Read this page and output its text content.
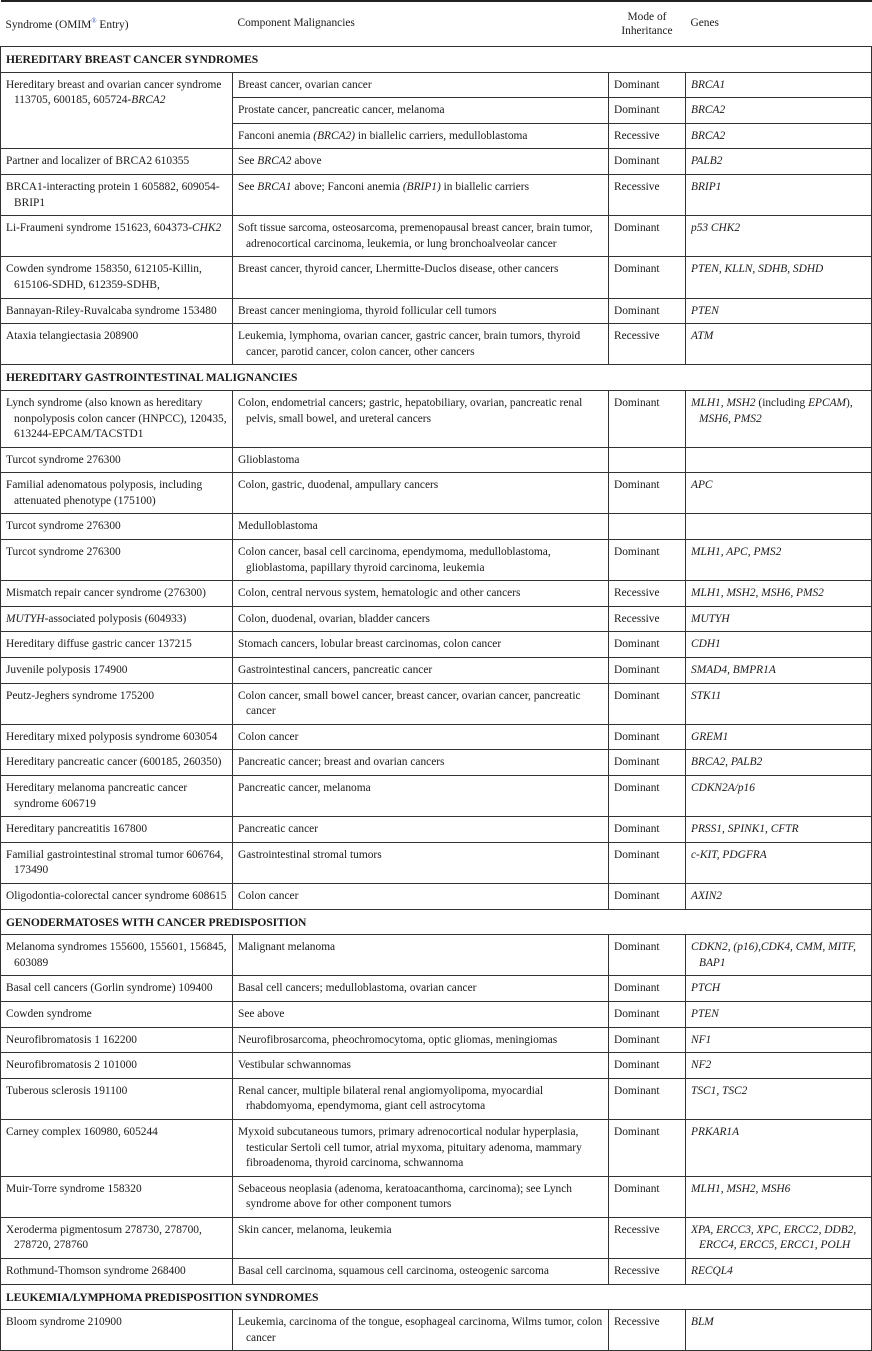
Syndrome (OMIM® Entry)	Component Malignancies	Mode of
Inheritance	Genes
HEREDITARY BREAST CANCER SYNDROMES			
Hereditary breast and ovarian cancer syndrome 113705, 600185, 605724-BRCA2	Breast cancer, ovarian cancer	Dominant	BRCA1
	Prostate cancer, pancreatic cancer, melanoma	Dominant	BRCA2
	Fanconi anemia (BRCA2) in biallelic carriers, medulloblastoma	Recessive	BRCA2
Partner and localizer of BRCA2 610355	See BRCA2 above	Dominant	PALB2
BRCA1-interacting protein 1 605882, 609054-BRIP1	See BRCA1 above; Fanconi anemia (BRIP1) in biallelic carriers	Recessive	BRIP1
Li-Fraumeni syndrome 151623, 604373-CHK2	Soft tissue sarcoma, osteosarcoma, premenopausal breast cancer, brain tumor, adrenocortical carcinoma, leukemia, or lung bronchoalveolar cancer	Dominant	p53 CHK2
Cowden syndrome 158350, 612105-Killin, 615106-SDHD, 612359-SDHB,	Breast cancer, thyroid cancer, Lhermitte-Duclos disease, other cancers	Dominant	PTEN, KLLN, SDHB, SDHD
Bannayan-Riley-Ruvalcaba syndrome 153480	Breast cancer meningioma, thyroid follicular cell tumors	Dominant	PTEN
Ataxia telangiectasia 208900	Leukemia, lymphoma, ovarian cancer, gastric cancer, brain tumors, thyroid cancer, parotid cancer, colon cancer, other cancers	Recessive	ATM
HEREDITARY GASTROINTESTINAL MALIGNANCIES			
Lynch syndrome (also known as hereditary nonpolyposis colon cancer (HNPCC), 120435, 613244-EPCAM/TACSTD1	Colon, endometrial cancers; gastric, hepatobiliary, ovarian, pancreatic renal pelvis, small bowel, and ureteral cancers	Dominant	MLH1, MSH2 (including EPCAM), MSH6, PMS2
Turcot syndrome 276300	Glioblastoma		
Familial adenomatous polyposis, including attenuated phenotype (175100)	Colon, gastric, duodenal, ampullary cancers	Dominant	APC
Turcot syndrome 276300	Medulloblastoma		
Turcot syndrome 276300	Colon cancer, basal cell carcinoma, ependymoma, medulloblastoma, glioblastoma, papillary thyroid carcinoma, leukemia	Dominant	MLH1, APC, PMS2
Mismatch repair cancer syndrome (276300)	Colon, central nervous system, hematologic and other cancers	Recessive	MLH1, MSH2, MSH6, PMS2
MUTYH-associated polyposis (604933)	Colon, duodenal, ovarian, bladder cancers	Recessive	MUTYH
Hereditary diffuse gastric cancer 137215	Stomach cancers, lobular breast carcinomas, colon cancer	Dominant	CDH1
Juvenile polyposis 174900	Gastrointestinal cancers, pancreatic cancer	Dominant	SMAD4, BMPR1A
Peutz-Jeghers syndrome 175200	Colon cancer, small bowel cancer, breast cancer, ovarian cancer, pancreatic cancer	Dominant	STK11
Hereditary mixed polyposis syndrome 603054	Colon cancer	Dominant	GREM1
Hereditary pancreatic cancer (600185, 260350)	Pancreatic cancer; breast and ovarian cancers	Dominant	BRCA2, PALB2
Hereditary melanoma pancreatic cancer syndrome 606719	Pancreatic cancer, melanoma	Dominant	CDKN2A/p16
Hereditary pancreatitis 167800	Pancreatic cancer	Dominant	PRSS1, SPINK1, CFTR
Familial gastrointestinal stromal tumor 606764, 173490	Gastrointestinal stromal tumors	Dominant	c-KIT, PDGFRA
Oligodontia-colorectal cancer syndrome 608615	Colon cancer	Dominant	AXIN2
GENODERMATOSES WITH CANCER PREDISPOSITION			
Melanoma syndromes 155600, 155601, 156845, 603089	Malignant melanoma	Dominant	CDKN2, (p16),CDK4, CMM, MITF, BAP1
Basal cell cancers (Gorlin syndrome) 109400	Basal cell cancers; medulloblastoma, ovarian cancer	Dominant	PTCH
Cowden syndrome	See above	Dominant	PTEN
Neurofibromatosis 1 162200	Neurofibrosarcoma, pheochromocytoma, optic gliomas, meningiomas	Dominant	NF1
Neurofibromatosis 2 101000	Vestibular schwannomas	Dominant	NF2
Tuberous sclerosis 191100	Renal cancer, multiple bilateral renal angiomyolipoma, myocardial rhabdomyoma, ependymoma, giant cell astrocytoma	Dominant	TSC1, TSC2
Carney complex 160980, 605244	Myxoid subcutaneous tumors, primary adrenocortical nodular hyperplasia, testicular Sertoli cell tumor, atrial myxoma, pituitary adenoma, mammary fibroadenoma, thyroid carcinoma, schwannoma	Dominant	PRKAR1A
Muir-Torre syndrome 158320	Sebaceous neoplasia (adenoma, keratoacanthoma, carcinoma); see Lynch syndrome above for other component tumors	Dominant	MLH1, MSH2, MSH6
Xeroderma pigmentosum 278730, 278700, 278720, 278760	Skin cancer, melanoma, leukemia	Recessive	XPA, ERCC3, XPC, ERCC2, DDB2, ERCC4, ERCC5, ERCC1, POLH
Rothmund-Thomson syndrome 268400	Basal cell carcinoma, squamous cell carcinoma, osteogenic sarcoma	Recessive	RECQL4
LEUKEMIA/LYMPHOMA PREDISPOSITION SYNDROMES			
Bloom syndrome 210900	Leukemia, carcinoma of the tongue, esophageal carcinoma, Wilms tumor, colon cancer	Recessive	BLM
